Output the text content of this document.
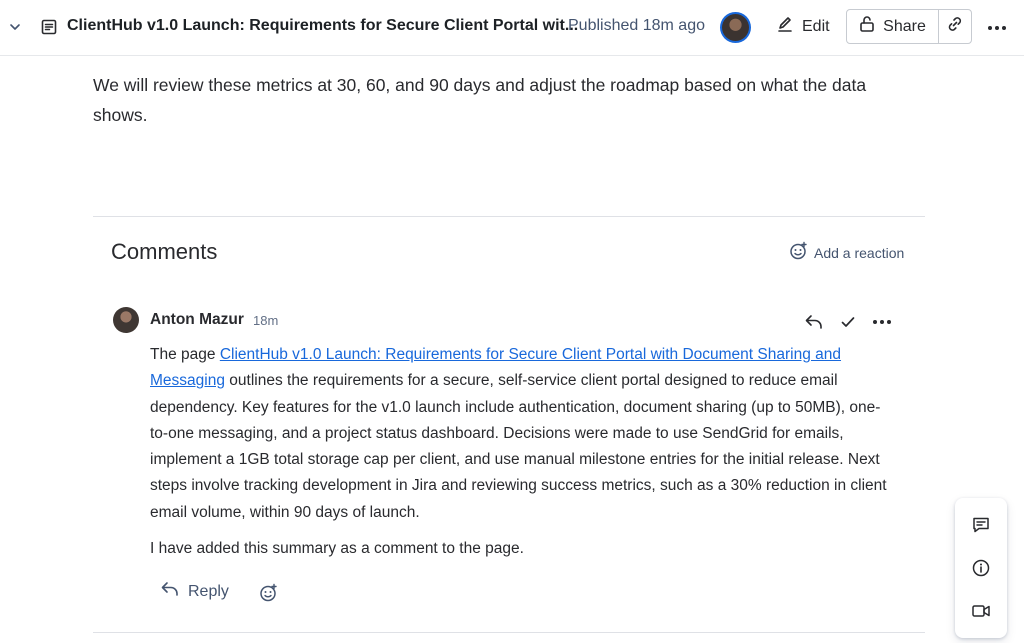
ClientHub v1.0 Launch: Requirements for Secure Client Portal wit...
Published 18m ago	Edit	Share
We will review these metrics at 30, 60, and 90 days and adjust the roadmap based on what the data shows.
Comments	Add a reaction
Anton Mazur 18m
The page ClientHub v1.0 Launch: Requirements for Secure Client Portal with Document Sharing and Messaging outlines the requirements for a secure, self-service client portal designed to reduce email dependency. Key features for the v1.0 launch include authentication, document sharing (up to 50MB), one-to-one messaging, and a project status dashboard. Decisions were made to use SendGrid for emails, implement a 1GB total storage cap per client, and use manual milestone entries for the initial release. Next steps involve tracking development in Jira and reviewing success metrics, such as a 30% reduction in client email volume, within 90 days of launch.
I have added this summary as a comment to the page.
Reply
